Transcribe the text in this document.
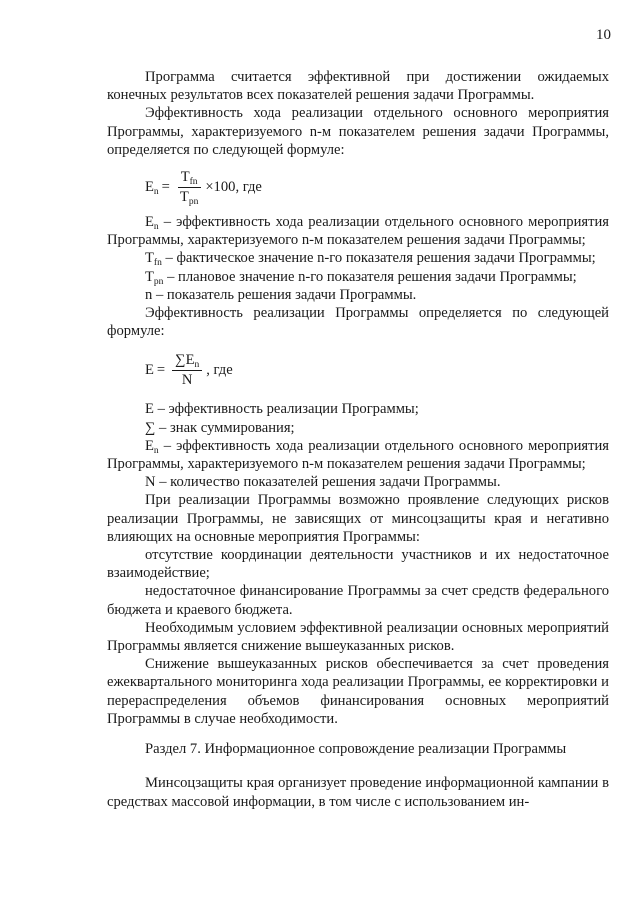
10

Программа считается эффективной при достижении ожидаемых конечных результатов всех показателей решения задачи Программы.

Эффективность хода реализации отдельного основного мероприятия Программы, характеризуемого n-м показателем решения задачи Программы, определяется по следующей формуле:

$E_n = \frac{T_{fn}}{T_{pn}} \times 100$, где

$E_n$ – эффективность хода реализации отдельного основного мероприятия Программы, характеризуемого n-м показателем решения задачи Программы;

$T_{fn}$ – фактическое значение n-го показателя решения задачи Программы;

$T_{pn}$ – плановое значение n-го показателя решения задачи Программы;

n – показатель решения задачи Программы.

Эффективность реализации Программы определяется по следующей формуле:

$E = \frac{\sum E_n}{N}$ , где

E – эффективность реализации Программы;

∑ – знак суммирования;

$E_n$ – эффективность хода реализации отдельного основного мероприятия Программы, характеризуемого n-м показателем решения задачи Программы;

N – количество показателей решения задачи Программы.

При реализации Программы возможно проявление следующих рисков реализации Программы, не зависящих от минсоцзащиты края и негативно влияющих на основные мероприятия Программы:

отсутствие координации деятельности участников и их недостаточное взаимодействие;

недостаточное финансирование Программы за счет средств федерального бюджета и краевого бюджета.

Необходимым условием эффективной реализации основных мероприятий Программы является снижение вышеуказанных рисков.

Снижение вышеуказанных рисков обеспечивается за счет проведения ежеквартального мониторинга хода реализации Программы, ее корректировки и перераспределения объемов финансирования основных мероприятий Программы в случае необходимости.

Раздел 7. Информационное сопровождение реализации Программы

Минсоцзащиты края организует проведение информационной кампании в средствах массовой информации, в том числе с использованием ин-
